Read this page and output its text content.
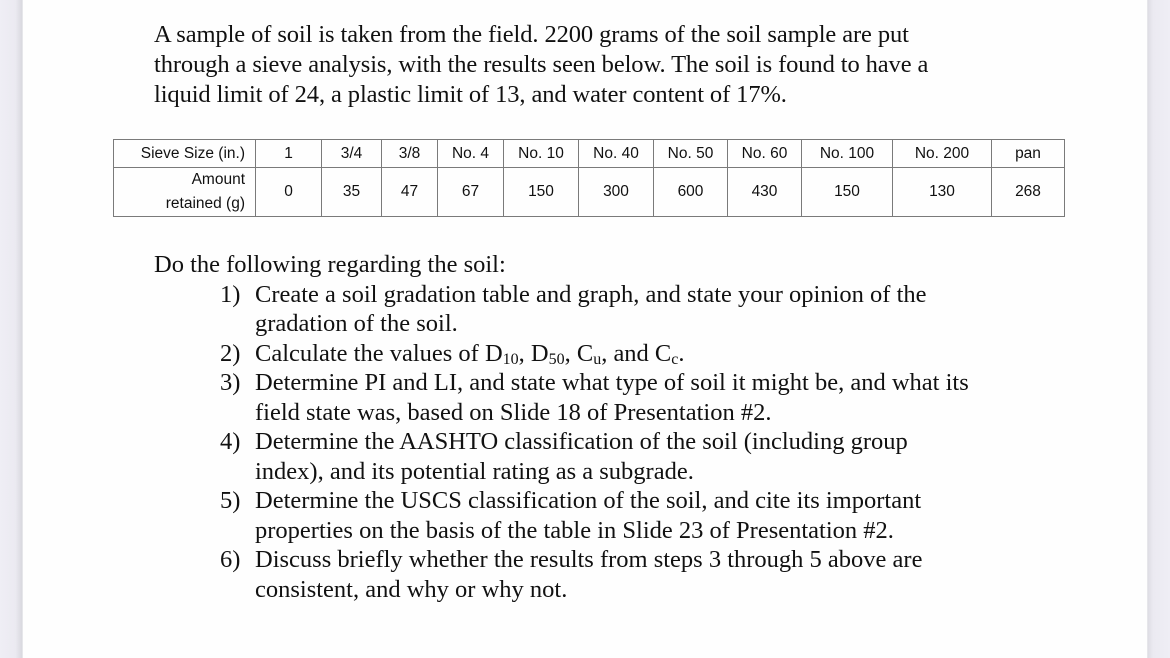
A sample of soil is taken from the field. 2200 grams of the soil sample are put
through a sieve analysis, with the results seen below. The soil is found to have a
liquid limit of 24, a plastic limit of 13, and water content of 17%.
Sieve Size (in.)	1	3/4	3/8	No. 4	No. 10	No. 40	No. 50	No. 60	No. 100	No. 200	pan

Amount
retained (g)	0	35	47	67	150	300	600	430	150	130	268

Do the following regarding the soil:

1) Create a soil gradation table and graph, and state your opinion of the
gradation of the soil.
2) Calculate the values of $D_{10}$, $D_{50}$, $C_u$, and $C_c$.
3) Determine PI and LI, and state what type of soil it might be, and what its
field state was, based on Slide 18 of Presentation #2.
4) Determine the AASHTO classification of the soil (including group
index), and its potential rating as a subgrade.
5) Determine the USCS classification of the soil, and cite its important
properties on the basis of the table in Slide 23 of Presentation #2.
6) Discuss briefly whether the results from steps 3 through 5 above are
consistent, and why or why not.
